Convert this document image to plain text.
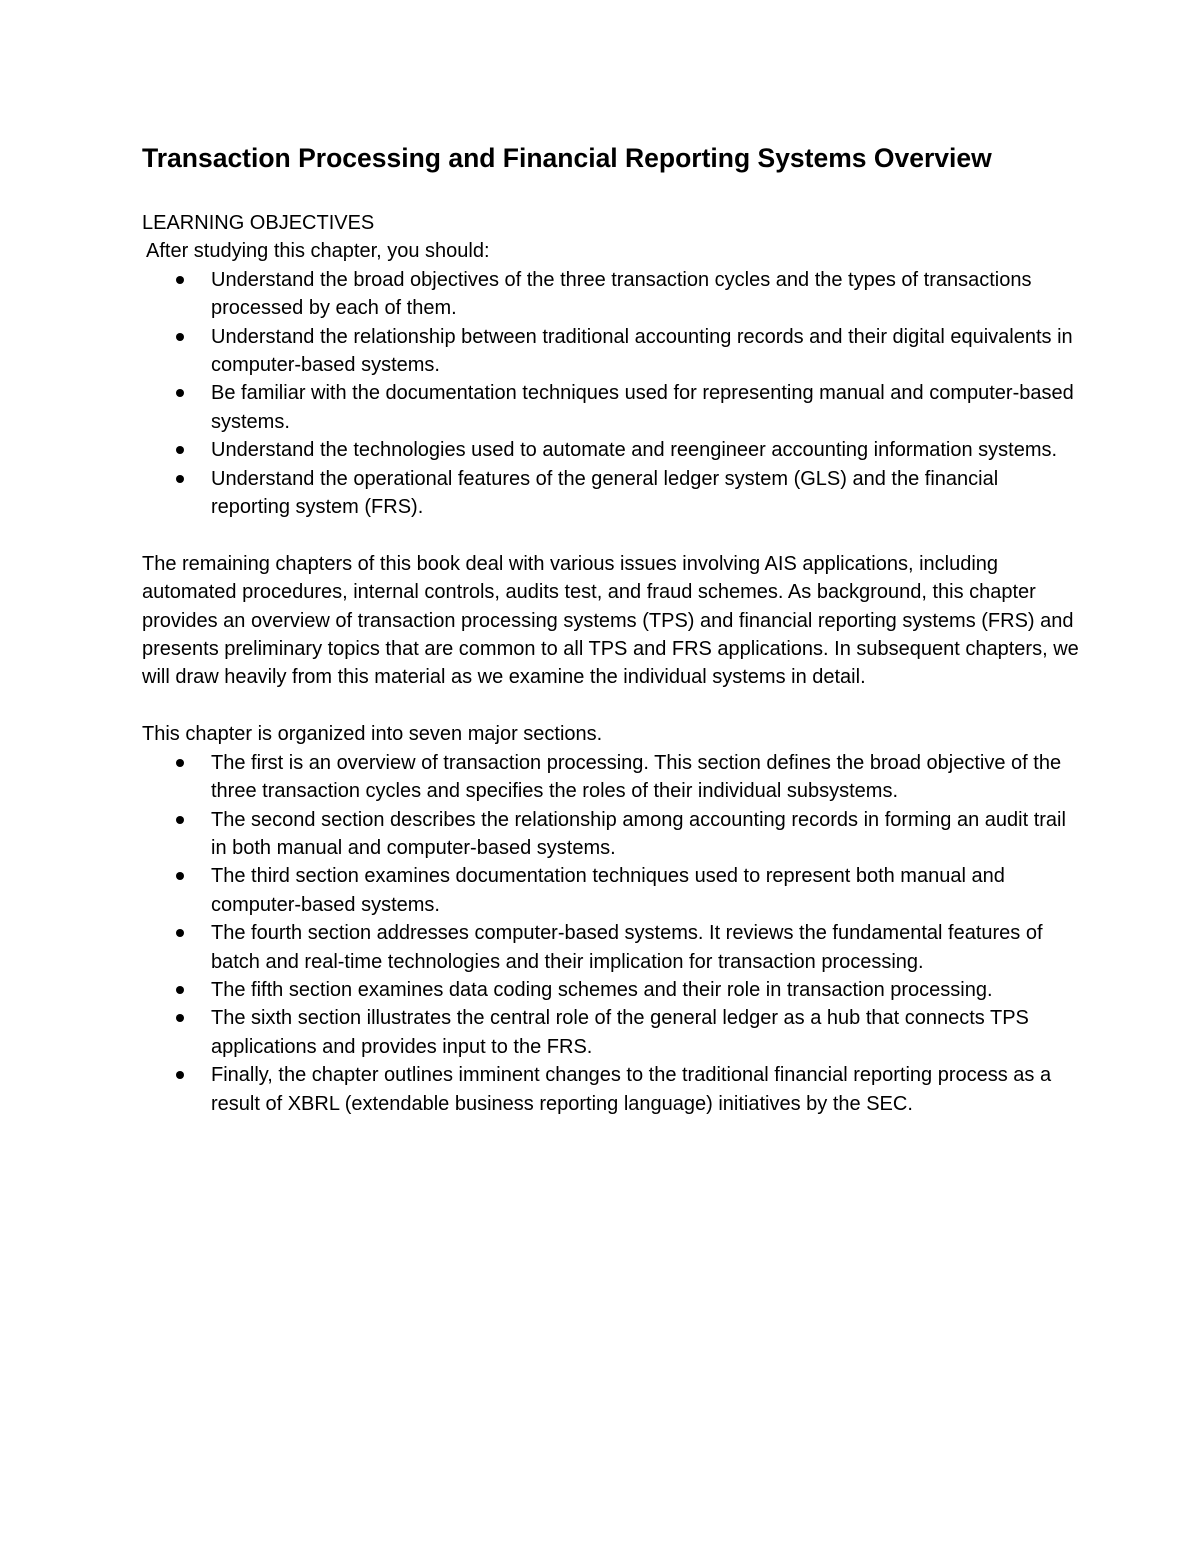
Transaction Processing and Financial Reporting Systems Overview

LEARNING OBJECTIVES

After studying this chapter, you should:

Understand the broad objectives of the three transaction cycles and the types of transactions processed by each of them.
Understand the relationship between traditional accounting records and their digital equivalents in computer-based systems.
Be familiar with the documentation techniques used for representing manual and computer-based systems.
Understand the technologies used to automate and reengineer accounting information systems.
Understand the operational features of the general ledger system (GLS) and the financial reporting system (FRS).

The remaining chapters of this book deal with various issues involving AIS applications, including automated procedures, internal controls, audits test, and fraud schemes. As background, this chapter provides an overview of transaction processing systems (TPS) and financial reporting systems (FRS) and presents preliminary topics that are common to all TPS and FRS applications. In subsequent chapters, we will draw heavily from this material as we examine the individual systems in detail.

This chapter is organized into seven major sections.

The first is an overview of transaction processing. This section defines the broad objective of the three transaction cycles and specifies the roles of their individual subsystems.
The second section describes the relationship among accounting records in forming an audit trail in both manual and computer-based systems.
The third section examines documentation techniques used to represent both manual and computer-based systems.
The fourth section addresses computer-based systems. It reviews the fundamental features of batch and real-time technologies and their implication for transaction processing.
The fifth section examines data coding schemes and their role in transaction processing.
The sixth section illustrates the central role of the general ledger as a hub that connects TPS applications and provides input to the FRS.
Finally, the chapter outlines imminent changes to the traditional financial reporting process as a result of XBRL (extendable business reporting language) initiatives by the SEC.
